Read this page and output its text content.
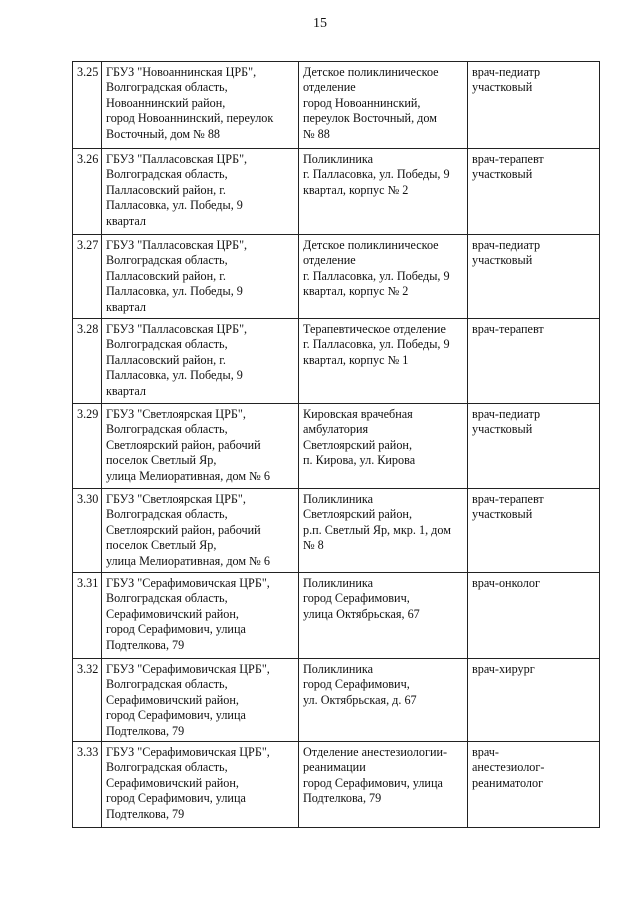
15
3.25	ГБУЗ "Новоаннинская ЦРБ",
Волгоградская область,
Новоаннинский район,
город Новоаннинский, переулок
Восточный, дом № 88	Детское поликлиническое
отделение
город Новоаннинский,
переулок Восточный, дом
№ 88	врач-педиатр
участковый
3.26	ГБУЗ "Палласовская ЦРБ",
Волгоградская область,
Палласовский район, г.
Палласовка, ул. Победы, 9
квартал	Поликлиника
г. Палласовка, ул. Победы, 9
квартал, корпус № 2	врач-терапевт
участковый
3.27	ГБУЗ "Палласовская ЦРБ",
Волгоградская область,
Палласовский район, г.
Палласовка, ул. Победы, 9
квартал	Детское поликлиническое
отделение
г. Палласовка, ул. Победы, 9
квартал, корпус № 2	врач-педиатр
участковый
3.28	ГБУЗ "Палласовская ЦРБ",
Волгоградская область,
Палласовский район, г.
Палласовка, ул. Победы, 9
квартал	Терапевтическое отделение
г. Палласовка, ул. Победы, 9
квартал, корпус № 1	врач-терапевт
3.29	ГБУЗ "Светлоярская ЦРБ",
Волгоградская область,
Светлоярский район, рабочий
поселок Светлый Яр,
улица Мелиоративная, дом № 6	Кировская врачебная
амбулатория
Светлоярский район,
п. Кирова, ул. Кирова	врач-педиатр
участковый
3.30	ГБУЗ "Светлоярская ЦРБ",
Волгоградская область,
Светлоярский район, рабочий
поселок Светлый Яр,
улица Мелиоративная, дом № 6	Поликлиника
Светлоярский район,
р.п. Светлый Яр, мкр. 1, дом
№ 8	врач-терапевт
участковый
3.31	ГБУЗ "Серафимовичская ЦРБ",
Волгоградская область,
Серафимовичский район,
город Серафимович, улица
Подтелкова, 79	Поликлиника
город Серафимович,
улица Октябрьская, 67	врач-онколог
3.32	ГБУЗ "Серафимовичская ЦРБ",
Волгоградская область,
Серафимовичский район,
город Серафимович, улица
Подтелкова, 79	Поликлиника
город Серафимович,
ул. Октябрьская, д. 67	врач-хирург
3.33	ГБУЗ "Серафимовичская ЦРБ",
Волгоградская область,
Серафимовичский район,
город Серафимович, улица
Подтелкова, 79	Отделение анестезиологии-
реанимации
город Серафимович, улица
Подтелкова, 79	врач-
анестезиолог-
реаниматолог
